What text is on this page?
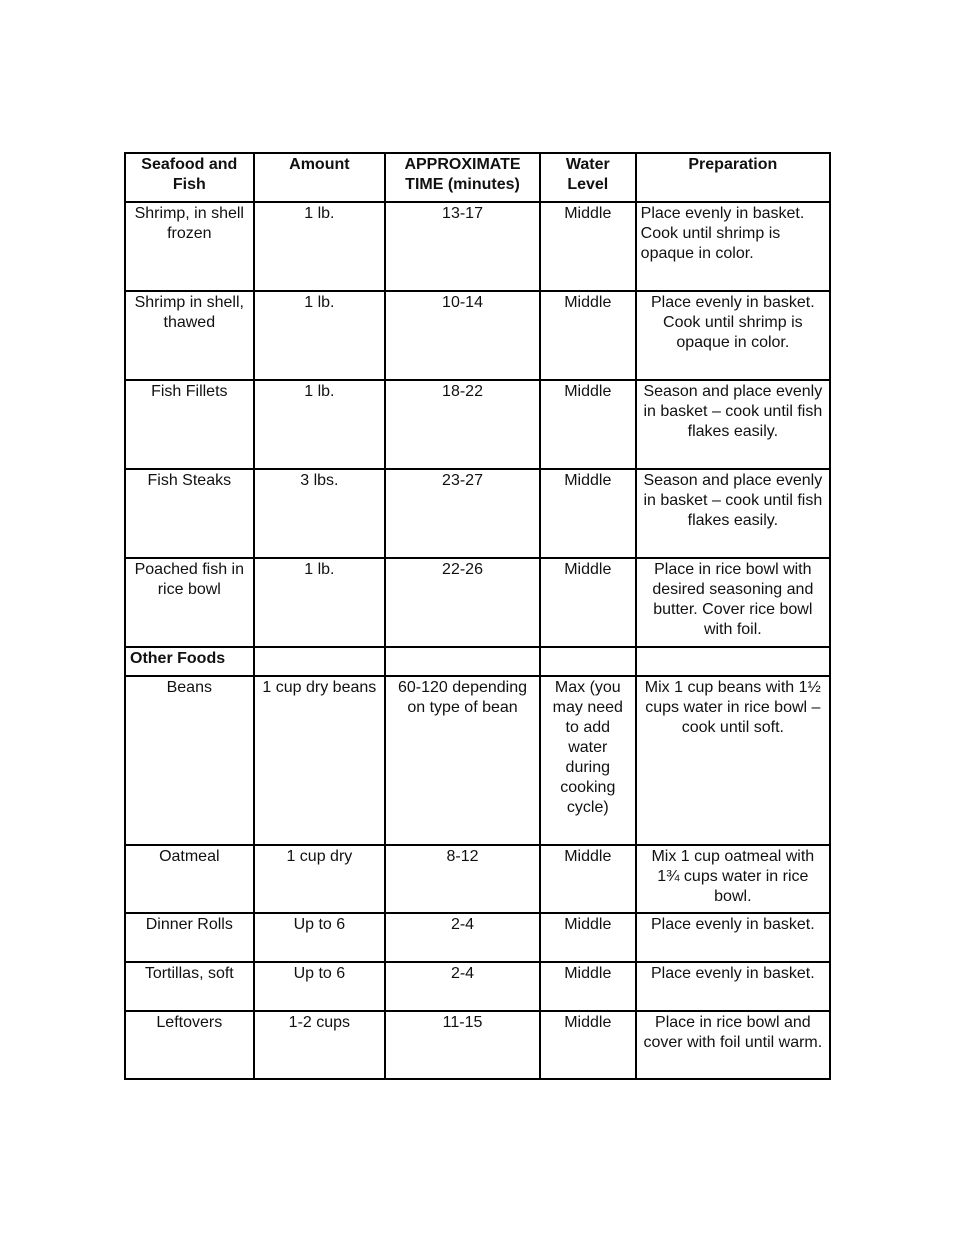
Seafood and Fish	Amount	APPROXIMATE TIME (minutes)	Water Level	Preparation
Shrimp, in shell frozen	1 lb.	13-17	Middle	Place evenly in basket. Cook until shrimp is opaque in color.
Shrimp in shell, thawed	1 lb.	10-14	Middle	Place evenly in basket. Cook until shrimp is opaque in color.
Fish Fillets	1 lb.	18-22	Middle	Season and place evenly in basket – cook until fish flakes easily.
Fish Steaks	3 lbs.	23-27	Middle	Season and place evenly in basket – cook until fish flakes easily.
Poached fish in rice bowl	1 lb.	22-26	Middle	Place in rice bowl with desired seasoning and butter. Cover rice bowl with foil.
Other Foods				
Beans	1 cup dry beans	60-120 depending on type of bean	Max (you may need to add water during cooking cycle)	Mix 1 cup beans with 1½ cups water in rice bowl – cook until soft.
Oatmeal	1 cup dry	8-12	Middle	Mix 1 cup oatmeal with 1¾ cups water in rice bowl.
Dinner Rolls	Up to 6	2-4	Middle	Place evenly in basket.
Tortillas, soft	Up to 6	2-4	Middle	Place evenly in basket.
Leftovers	1-2 cups	11-15	Middle	Place in rice bowl and cover with foil until warm.
